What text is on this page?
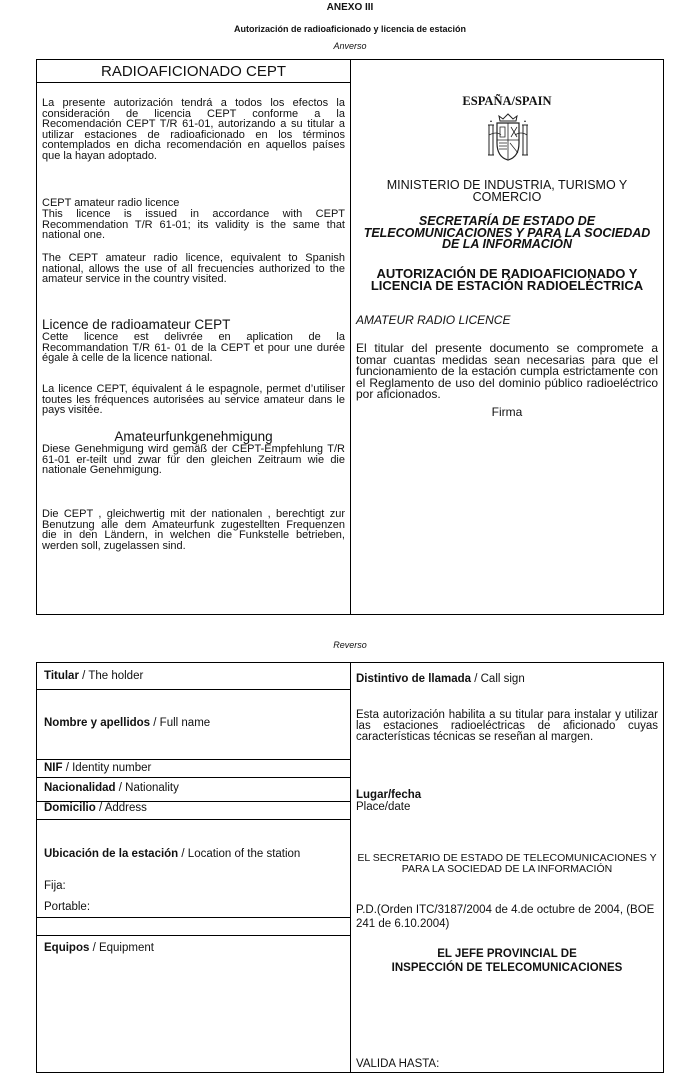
ANEXO III
Autorización de radioaficionado y licencia de estación
Anverso
RADIOAFICIONADO CEPT

La presente autorización tendrá a todos los efectos la consideración de licencia CEPT conforme a la Recomendación CEPT T/R 61-01, autorizando a su titular a utilizar estaciones de radioaficionado en los términos contemplados en dicha recomendación en aquellos países que la hayan adoptado.

CEPT amateur radio licence

This licence is issued in accordance with CEPT Recommendation T/R 61-01; its validity is the same that national one.

The CEPT amateur radio licence, equivalent to Spanish national, allows the use of all frecuencies authorized to the amateur service in the country visited.

Licence de radioamateur CEPT

Cette licence est delivrée en aplication de la Recommandation T/R 61- 01 de la CEPT et pour une durée égale à celle de la licence national.

La licence CEPT, équivalent á le espagnole, permet d’utiliser toutes les fréquences autorisées au service amateur dans le pays visitée.

Amateurfunkgenehmigung

Diese Genehmigung wird gemäß der CEPT-Empfehlung T/R 61-01 er-teilt und zwar für den gleichen Zeitraum wie die nationale Genehmigung.

Die CEPT , gleichwertig mit der nationalen , berechtigt zur Benutzung alle dem Amateurfunk zugestellten Frequenzen die in den Ländern, in welchen die Funkstelle betrieben, werden soll, zugelassen sind.

ESPAÑA/SPAIN
MINISTERIO DE INDUSTRIA, TURISMO Y COMERCIO
SECRETARÍA DE ESTADO DE TELECOMUNICACIONES Y PARA LA SOCIEDAD DE LA INFORMACIÓN
AUTORIZACIÓN DE RADIOAFICIONADO Y LICENCIA DE ESTACIÓN RADIOELÉCTRICA
AMATEUR RADIO LICENCE

El titular del presente documento se compromete a tomar cuantas medidas sean necesarias para que el funcionamiento de la estación cumpla estrictamente con el Reglamento de uso del dominio público radioeléctrico por aficionados.

Firma
Reverso
Titular / The holder
Nombre y apellidos / Full name
NIF / Identity number
Nacionalidad / Nationality
Domicilio / Address
Ubicación de la estación / Location of the station
Fija:
Portable:
Equipos / Equipment
Distintivo de llamada / Call sign

Esta autorización habilita a su titular para instalar y utilizar las estaciones radioeléctricas de aficionado cuyas características técnicas se reseñan al margen.

Lugar/fecha
Place/date
EL SECRETARIO DE ESTADO DE TELECOMUNICACIONES Y PARA LA SOCIEDAD DE LA INFORMACIÓN
P.D.(Orden ITC/3187/2004 de 4.de octubre de 2004, (BOE 241 de 6.10.2004)
EL JEFE PROVINCIAL DE
INSPECCIÓN DE TELECOMUNICACIONES
VALIDA HASTA:
